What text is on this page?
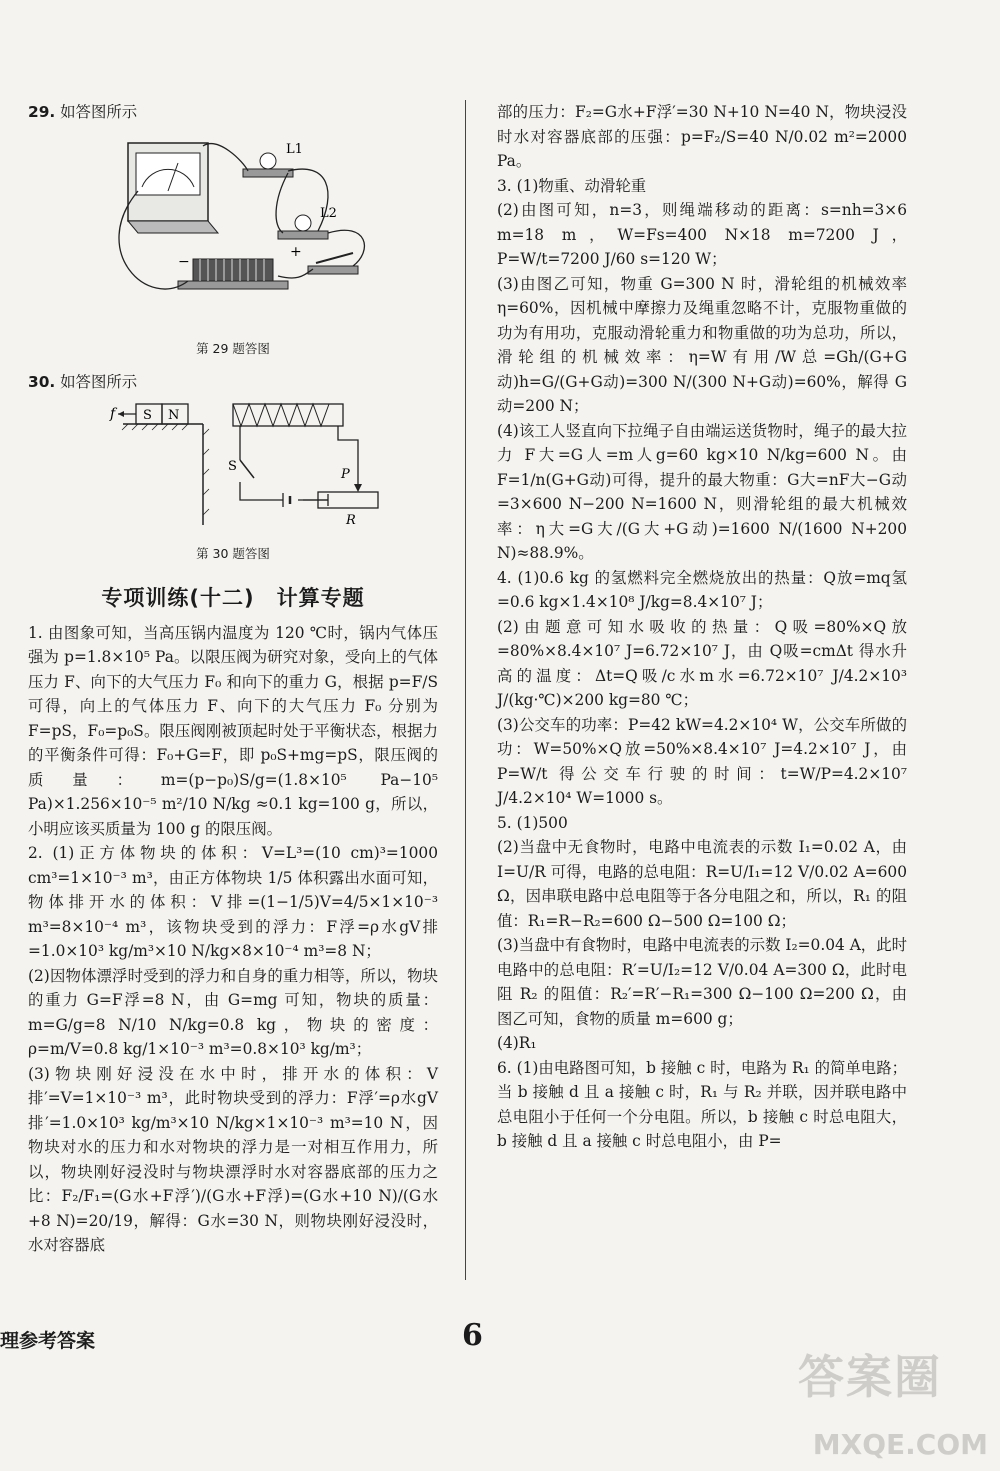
29. 如答图所示
L1
L2
−
+
第 29 题答图
30. 如答图所示
f S N
S
P
R
第 30 题答图
专项训练(十二)　计算专题

1. 由图象可知，当高压锅内温度为 120 ℃时，锅内气体压强为 p=1.8×10⁵ Pa。以限压阀为研究对象，受向上的气体压力 F、向下的大气压力 F₀ 和向下的重力 G，根据 p=F/S 可得，向上的气体压力 F、向下的大气压力 F₀ 分别为 F=pS，F₀=p₀S。限压阀刚被顶起时处于平衡状态，根据力的平衡条件可得：F₀+G=F，即 p₀S+mg=pS，限压阀的质量：m=(p−p₀)S/g=(1.8×10⁵ Pa−10⁵ Pa)×1.256×10⁻⁵ m²/10 N/kg ≈0.1 kg=100 g，所以，小明应该买质量为 100 g 的限压阀。

2. (1)正方体物块的体积：V=L³=(10 cm)³=1000 cm³=1×10⁻³ m³，由正方体物块 1/5 体积露出水面可知，物体排开水的体积：V排=(1−1/5)V=4/5×1×10⁻³ m³=8×10⁻⁴ m³，该物块受到的浮力：F浮=ρ水gV排=1.0×10³ kg/m³×10 N/kg×8×10⁻⁴ m³=8 N；

(2)因物体漂浮时受到的浮力和自身的重力相等，所以，物块的重力 G=F浮=8 N，由 G=mg 可知，物块的质量：m=G/g=8 N/10 N/kg=0.8 kg，物块的密度：ρ=m/V=0.8 kg/1×10⁻³ m³=0.8×10³ kg/m³；

(3)物块刚好浸没在水中时，排开水的体积：V排′=V=1×10⁻³ m³，此时物块受到的浮力：F浮′=ρ水gV排′=1.0×10³ kg/m³×10 N/kg×1×10⁻³ m³=10 N，因物块对水的压力和水对物块的浮力是一对相互作用力，所以，物块刚好浸没时与物块漂浮时水对容器底部的压力之比：F₂/F₁=(G水+F浮′)/(G水+F浮)=(G水+10 N)/(G水+8 N)=20/19，解得：G水=30 N，则物块刚好浸没时，水对容器底

部的压力：F₂=G水+F浮′=30 N+10 N=40 N，物块浸没时水对容器底部的压强：p=F₂/S=40 N/0.02 m²=2000 Pa。

3. (1)物重、动滑轮重

(2)由图可知，n=3，则绳端移动的距离：s=nh=3×6 m=18 m，W=Fs=400 N×18 m=7200 J，P=W/t=7200 J/60 s=120 W；

(3)由图乙可知，物重 G=300 N 时，滑轮组的机械效率 η=60%，因机械中摩擦力及绳重忽略不计，克服物重做的功为有用功，克服动滑轮重力和物重做的功为总功，所以，滑轮组的机械效率：η=W有用/W总=Gh/(G+G动)h=G/(G+G动)=300 N/(300 N+G动)=60%，解得 G动=200 N；

(4)该工人竖直向下拉绳子自由端运送货物时，绳子的最大拉力 F大=G人=m人g=60 kg×10 N/kg=600 N。由 F=1/n(G+G动)可得，提升的最大物重：G大=nF大−G动=3×600 N−200 N=1600 N，则滑轮组的最大机械效率：η大=G大/(G大+G动)=1600 N/(1600 N+200 N)≈88.9%。

4. (1)0.6 kg 的氢燃料完全燃烧放出的热量：Q放=mq氢=0.6 kg×1.4×10⁸ J/kg=8.4×10⁷ J；

(2)由题意可知水吸收的热量：Q吸=80%×Q放=80%×8.4×10⁷ J=6.72×10⁷ J，由 Q吸=cmΔt 得水升高的温度：Δt=Q吸/c水m水=6.72×10⁷ J/4.2×10³ J/(kg·℃)×200 kg=80 ℃；

(3)公交车的功率：P=42 kW=4.2×10⁴ W，公交车所做的功：W=50%×Q放=50%×8.4×10⁷ J=4.2×10⁷ J，由 P=W/t 得公交车行驶的时间：t=W/P=4.2×10⁷ J/4.2×10⁴ W=1000 s。

5. (1)500

(2)当盘中无食物时，电路中电流表的示数 I₁=0.02 A，由 I=U/R 可得，电路的总电阻：R=U/I₁=12 V/0.02 A=600 Ω，因串联电路中总电阻等于各分电阻之和，所以，R₁ 的阻值：R₁=R−R₂=600 Ω−500 Ω=100 Ω；

(3)当盘中有食物时，电路中电流表的示数 I₂=0.04 A，此时电路中的总电阻：R′=U/I₂=12 V/0.04 A=300 Ω，此时电阻 R₂ 的阻值：R₂′=R′−R₁=300 Ω−100 Ω=200 Ω，由图乙可知，食物的质量 m=600 g；

(4)R₁

6. (1)由电路图可知，b 接触 c 时，电路为 R₁ 的简单电路；当 b 接触 d 且 a 接触 c 时，R₁ 与 R₂ 并联，因并联电路中总电阻小于任何一个分电阻。所以，b 接触 c 时总电阻大，b 接触 d 且 a 接触 c 时总电阻小，由 P=

理参考答案	6
答案圈
MXQE.COM
